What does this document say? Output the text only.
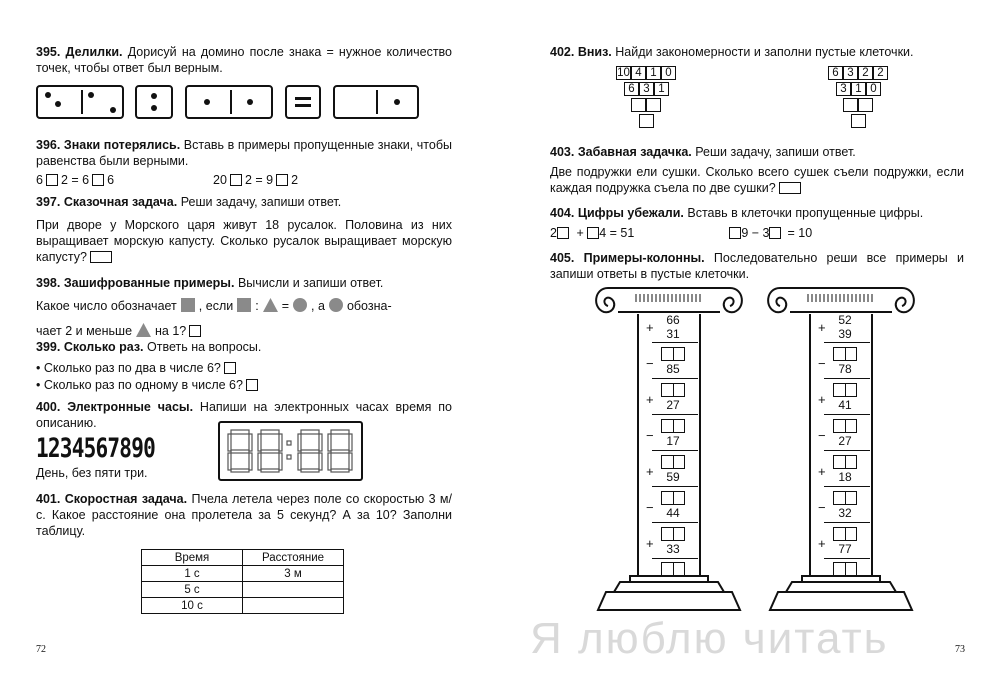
395. Делилки. Дорисуй на домино после знака = нужное количество точек, чтобы ответ был верным.

396. Знаки потерялись. Вставь в примеры пропущенные знаки, чтобы равенства были верными.

6 2 = 6 6	20 2 = 9 2

397. Сказочная задача. Реши задачу, запиши ответ.

При дворе у Морского царя живут 18 русалок. Половина из них выращивает морскую капусту. Сколько русалок выращивает морскую капусту?

398. Зашифрованные примеры. Вычисли и запиши ответ.

Какое число обозначает , если : = , а обозна-
чает 2 и меньше на 1?

399. Сколько раз. Ответь на вопросы.

• Сколько раз по два в числе 6?
• Сколько раз по одному в числе 6?

400. Электронные часы. Напиши на электронных часах время по описанию.

1234567890
День, без пяти три.

401. Скоростная задача. Пчела летела через поле со скоростью 3 м/с. Какое расстояние она пролетела за 5 секунд? А за 10? Заполни таблицу.

Время	Расстояние
1 с	3 м
5 с	
10 с	
72

402. Вниз. Найди закономерности и заполни пустые клеточки.

10 4 1 0
6 3 1
6 3 2 2
3 1 0

403. Забавная задачка. Реши задачу, запиши ответ.

Две подружки ели сушки. Сколько всего сушек съели подружки, если каждая подружка съела по две сушки?

404. Цифры убежали. Вставь в клеточки пропущенные цифры.

2 + 4 = 51	9 − 3 = 10

405. Примеры-колонны. Последовательно реши все примеры и запиши ответы в пустые клеточки.

66
+	31
−	85
+	27
−	17
+	59
−	44
+	33
52
+	39
−	78
+	41
−	27
+	18
−	32
+	77
73
Я люблю читать
